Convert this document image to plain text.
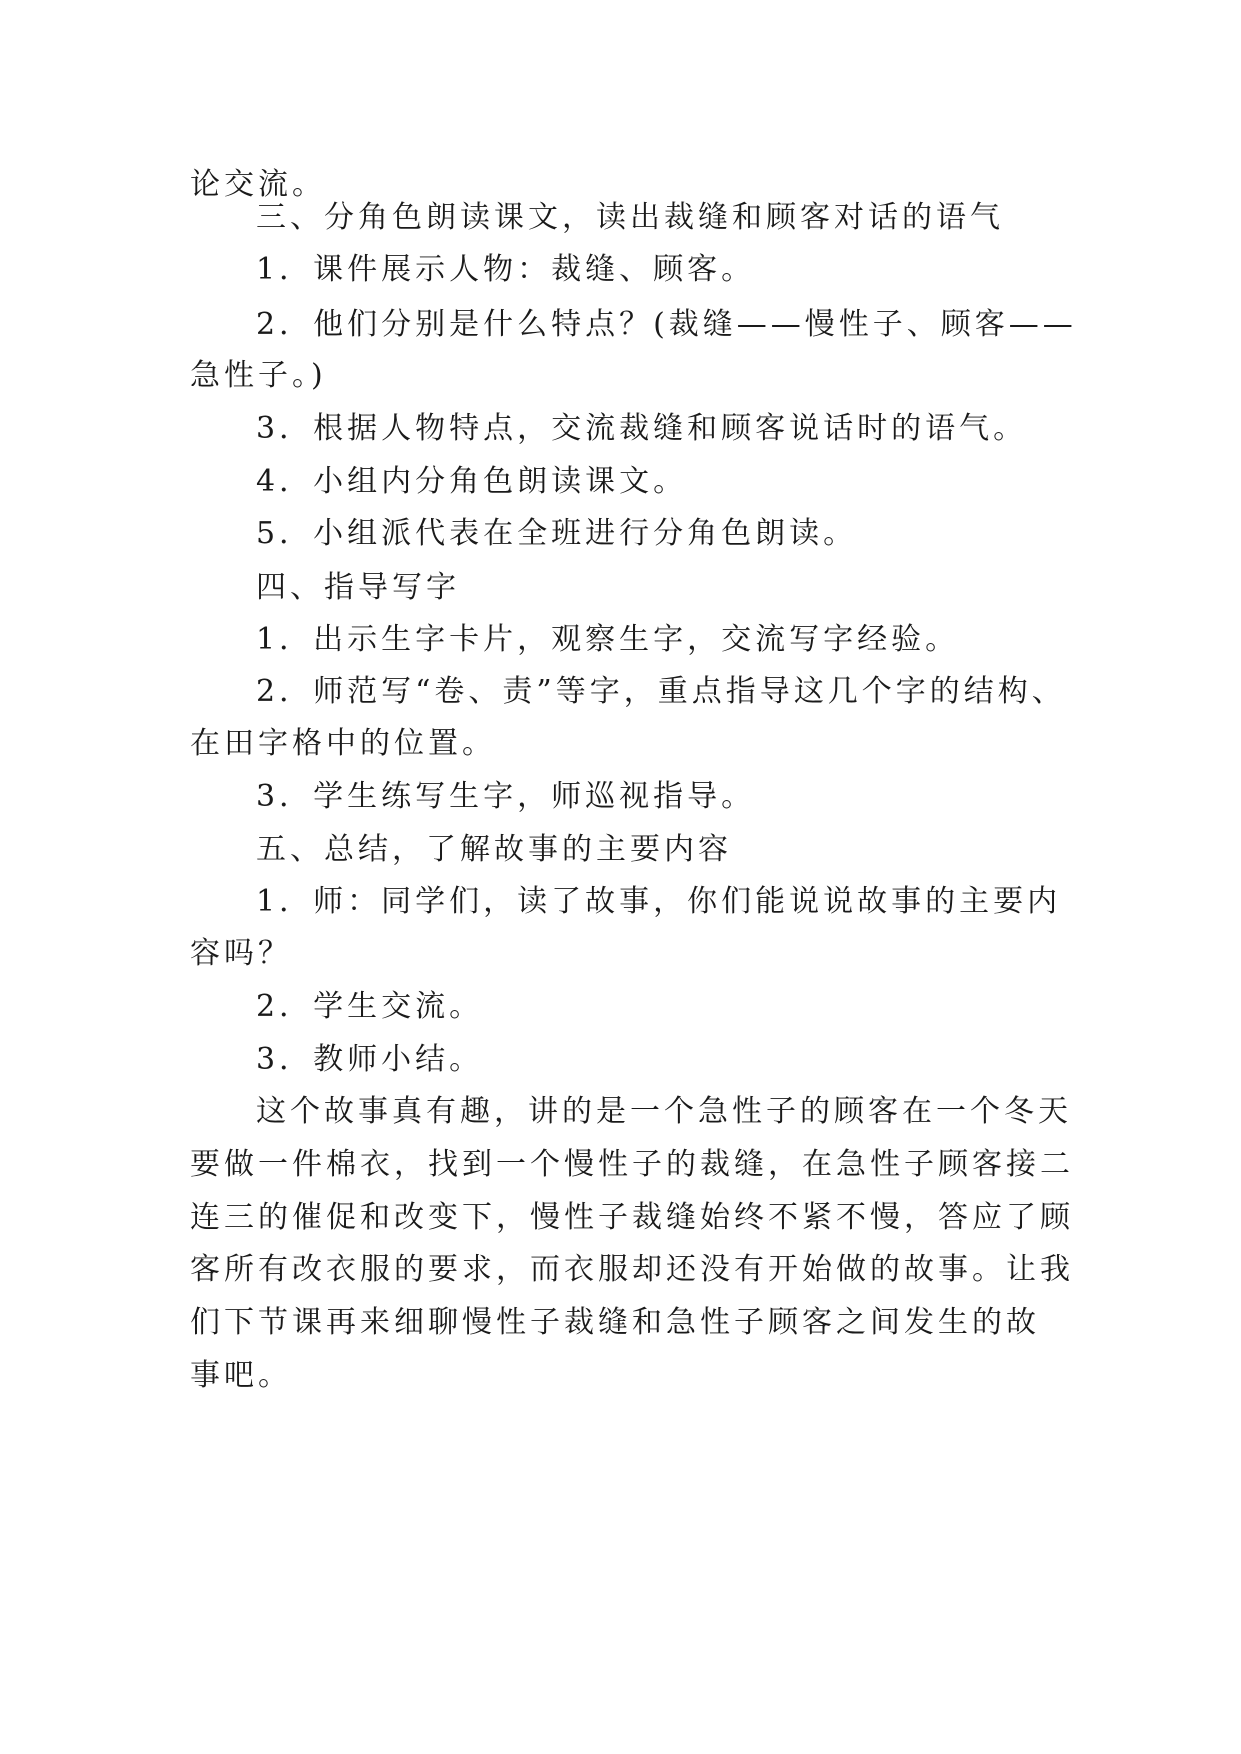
论交流。
三、分角色朗读课文，读出裁缝和顾客对话的语气
1．课件展示人物：裁缝、顾客。
2．他们分别是什么特点？(裁缝——慢性子、顾客——
急性子。)
3．根据人物特点，交流裁缝和顾客说话时的语气。
4．小组内分角色朗读课文。
5．小组派代表在全班进行分角色朗读。
四、指导写字
1．出示生字卡片，观察生字，交流写字经验。
2．师范写“卷、责”等字，重点指导这几个字的结构、
在田字格中的位置。
3．学生练写生字，师巡视指导。
五、总结，了解故事的主要内容
1．师：同学们，读了故事，你们能说说故事的主要内
容吗？
2．学生交流。
3．教师小结。
这个故事真有趣，讲的是一个急性子的顾客在一个冬天
要做一件棉衣，找到一个慢性子的裁缝，在急性子顾客接二
连三的催促和改变下，慢性子裁缝始终不紧不慢，答应了顾
客所有改衣服的要求，而衣服却还没有开始做的故事。让我
们下节课再来细聊慢性子裁缝和急性子顾客之间发生的故
事吧。
